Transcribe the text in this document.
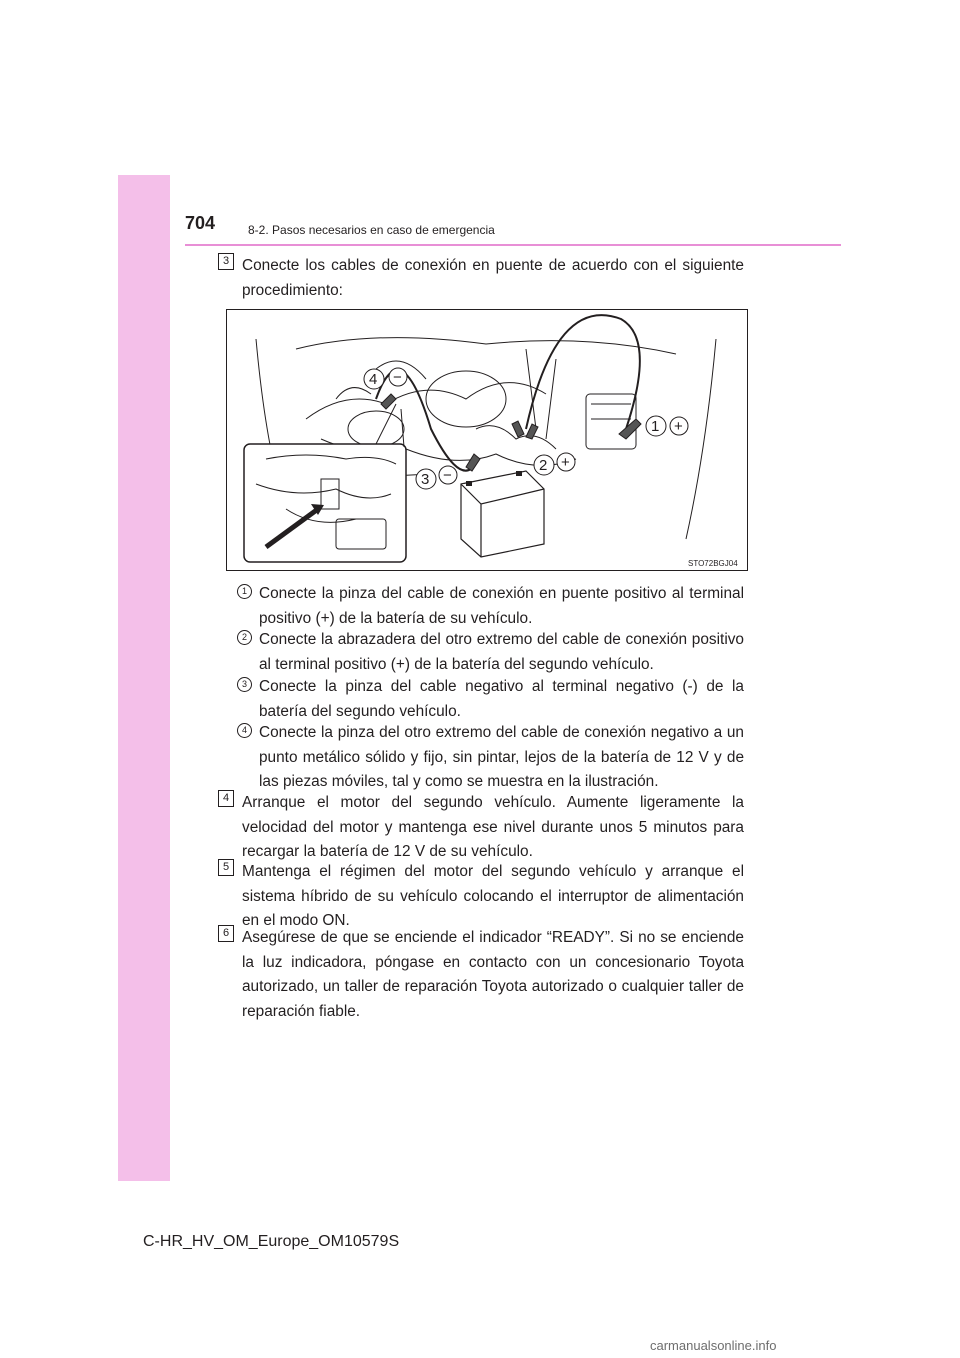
704	8-2. Pasos necesarios en caso de emergencia
3 Conecte los cables de conexión en puente de acuerdo con el siguiente procedimiento:

4 −
3 −
2 +
1 +
STO72BGJ04
1 Conecte la pinza del cable de conexión en puente positivo al terminal positivo (+) de la batería de su vehículo.

2 Conecte la abrazadera del otro extremo del cable de conexión positivo al terminal positivo (+) de la batería del segundo vehículo.

3 Conecte la pinza del cable negativo al terminal negativo (-) de la batería del segundo vehículo.

4 Conecte la pinza del otro extremo del cable de conexión negativo a un punto metálico sólido y fijo, sin pintar, lejos de la batería de 12 V y de las piezas móviles, tal y como se muestra en la ilustración.

4 Arranque el motor del segundo vehículo. Aumente ligeramente la velocidad del motor y mantenga ese nivel durante unos 5 minutos para recargar la batería de 12 V de su vehículo.

5 Mantenga el régimen del motor del segundo vehículo y arranque el sistema híbrido de su vehículo colocando el interruptor de alimentación en el modo ON.

6 Asegúrese de que se enciende el indicador “READY”. Si no se enciende la luz indicadora, póngase en contacto con un concesionario Toyota autorizado, un taller de reparación Toyota autorizado o cualquier taller de reparación fiable.

C-HR_HV_OM_Europe_OM10579S
carmanualsonline.info
